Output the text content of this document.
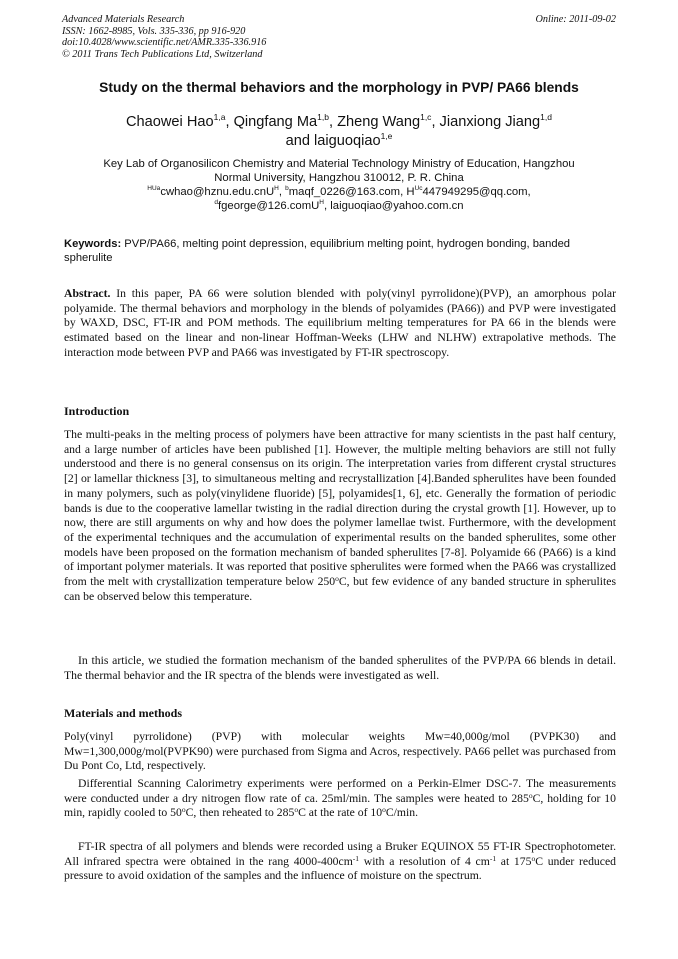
Advanced Materials Research
ISSN: 1662-8985, Vols. 335-336, pp 916-920
doi:10.4028/www.scientific.net/AMR.335-336.916
© 2011 Trans Tech Publications Ltd, Switzerland
Online: 2011-09-02
Study on the thermal behaviors and the morphology in PVP/ PA66 blends
Chaowei Hao$^{1,a}$, Qingfang Ma$^{1,b}$, Zheng Wang$^{1,c}$, Jianxiong Jiang$^{1,d}$
and laiguoqiao$^{1,e}$
Key Lab of Organosilicon Chemistry and Material Technology Ministry of Education, Hangzhou
Normal University, Hangzhou 310012, P. R. China
$^{HUa}$cwhao@hznu.edu.cnU$^H$, $^b$maqf_0226@163.com, $H^{Uc}447949295@qq.com$,
$^d$fgeorge@126.comU$^H$, laiguoqiao@yahoo.com.cn
Keywords: PVP/PA66, melting point depression, equilibrium melting point, hydrogen bonding, banded spherulite
Abstract. In this paper, PA 66 were solution blended with poly(vinyl pyrrolidone)(PVP), an amorphous polar polyamide. The thermal behaviors and morphology in the blends of polyamides (PA66)) and PVP were investigated by WAXD, DSC, FT-IR and POM methods. The equilibrium melting temperatures for PA 66 in the blends were estimated based on the linear and non-linear Hoffman-Weeks (LHW and NLHW) extrapolative methods. The interaction mode between PVP and PA66 was investigated by FT-IR spectroscopy.
Introduction
The multi-peaks in the melting process of polymers have been attractive for many scientists in the past half century, and a large number of articles have been published [1]. However, the multiple melting behaviors are still not fully understood and there is no general consensus on its origin. The interpretation varies from different crystal structures [2] or lamellar thickness [3], to simultaneous melting and recrystallization [4].Banded spherulites have been founded in many polymers, such as poly(vinylidene fluoride) [5], polyamides[1, 6], etc. Generally the formation of periodic bands is due to the cooperative lamellar twisting in the radial direction during the crystal growth [1]. However, up to now, there are still arguments on why and how does the polymer lamellae twist. Furthermore, with the development of the experimental techniques and the accumulation of experimental results on the banded spherulites, some other models have been proposed on the formation mechanism of banded spherulites [7-8]. Polyamide 66 (PA66) is a kind of important polymer materials. It was reported that positive spherulites were formed when the PA66 was crystallized from the melt with crystallization temperature below 250$^o$C, but few evidence of any banded structure in spherulites can be observed below this temperature.
In this article, we studied the formation mechanism of the banded spherulites of the PVP/PA 66 blends in detail. The thermal behavior and the IR spectra of the blends were investigated as well.
Materials and methods
Poly(vinyl pyrrolidone) (PVP) with molecular weights Mw=40,000g/mol (PVPK30) and Mw=1,300,000g/mol(PVPK90) were purchased from Sigma and Acros, respectively. PA66 pellet was purchased from Du Pont Co, Ltd, respectively.
Differential Scanning Calorimetry experiments were performed on a Perkin-Elmer DSC-7. The measurements were conducted under a dry nitrogen flow rate of ca. 25ml/min. The samples were heated to 285$^o$C, holding for 10 min, rapidly cooled to 50$^o$C, then reheated to 285$^o$C at the rate of 10$^o$C/min.
FT-IR spectra of all polymers and blends were recorded using a Bruker EQUINOX 55 FT-IR Spectrophotometer. All infrared spectra were obtained in the rang $4000-400cm^{-1}$ with a resolution of 4 $cm^{-1}$ at 175$^o$C under reduced pressure to avoid oxidation of the samples and the influence of moisture on the spectrum.
